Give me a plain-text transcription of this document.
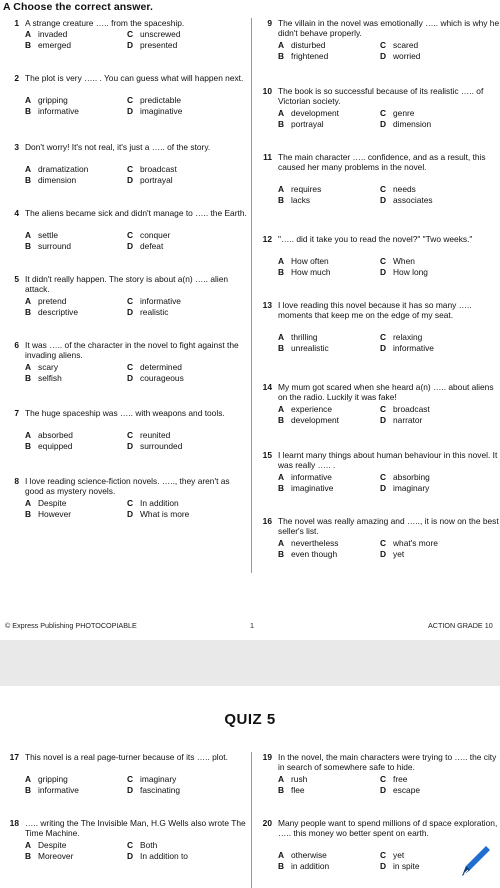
A Choose the correct answer.
1 A strange creature ….. from the spaceship.
A invaded	C unscrewed
B emerged	D presented
2 The plot is very ….. . You can guess what will happen next.
A gripping	C predictable
B informative	D imaginative
3 Don't worry! It's not real, it's just a ….. of the story.
A dramatization	C broadcast
B dimension	D portrayal
4 The aliens became sick and didn't manage to ….. the Earth.
A settle	C conquer
B surround	D defeat
5 It didn't really happen. The story is about a(n) ….. alien attack.
A pretend	C informative
B descriptive	D realistic
6 It was ….. of the character in the novel to fight against the invading aliens.
A scary	C determined
B selfish	D courageous
7 The huge spaceship was ….. with weapons and tools.
A absorbed	C reunited
B equipped	D surrounded
8 I love reading science-fiction novels. ….., they aren't as good as mystery novels.
A Despite	C In addition
B However	D What is more
9 The villain in the novel was emotionally ….. which is why he didn't behave properly.
A disturbed	C scared
B frightened	D worried
10 The book is so successful because of its realistic ….. of Victorian society.
A development	C genre
B portrayal	D dimension
11 The main character ….. confidence, and as a result, this caused her many problems in the novel.
A requires	C needs
B lacks	D associates
12 "….. did it take you to read the novel?" "Two weeks."
A How often	C When
B How much	D How long
13 I love reading this novel because it has so many ….. moments that keep me on the edge of my seat.
A thrilling	C relaxing
B unrealistic	D informative
14 My mum got scared when she heard a(n) ….. about aliens on the radio. Luckily it was fake!
A experience	C broadcast
B development	D narrator
15 I learnt many things about human behaviour in this novel. It was really ….. .
A informative	C absorbing
B imaginative	D imaginary
16 The novel was really amazing and ….., it is now on the best seller's list.
A nevertheless	C what's more
B even though	D yet
© Express Publishing PHOTOCOPIABLE	1	ACTION GRADE 10
QUIZ 5
17 This novel is a real page-turner because of its ….. plot.
A gripping	C imaginary
B informative	D fascinating
18 ….. writing the The Invisible Man, H.G Wells also wrote The Time Machine.
A Despite	C Both
B Moreover	D In addition to
19 In the novel, the main characters were trying to ….. the city in search of somewhere safe to hide.
A rush	C free
B flee	D escape
20 Many people want to spend millions of d space exploration, ….. this money wo better spent on earth.
A otherwise	C yet
B in addition	D in spite
